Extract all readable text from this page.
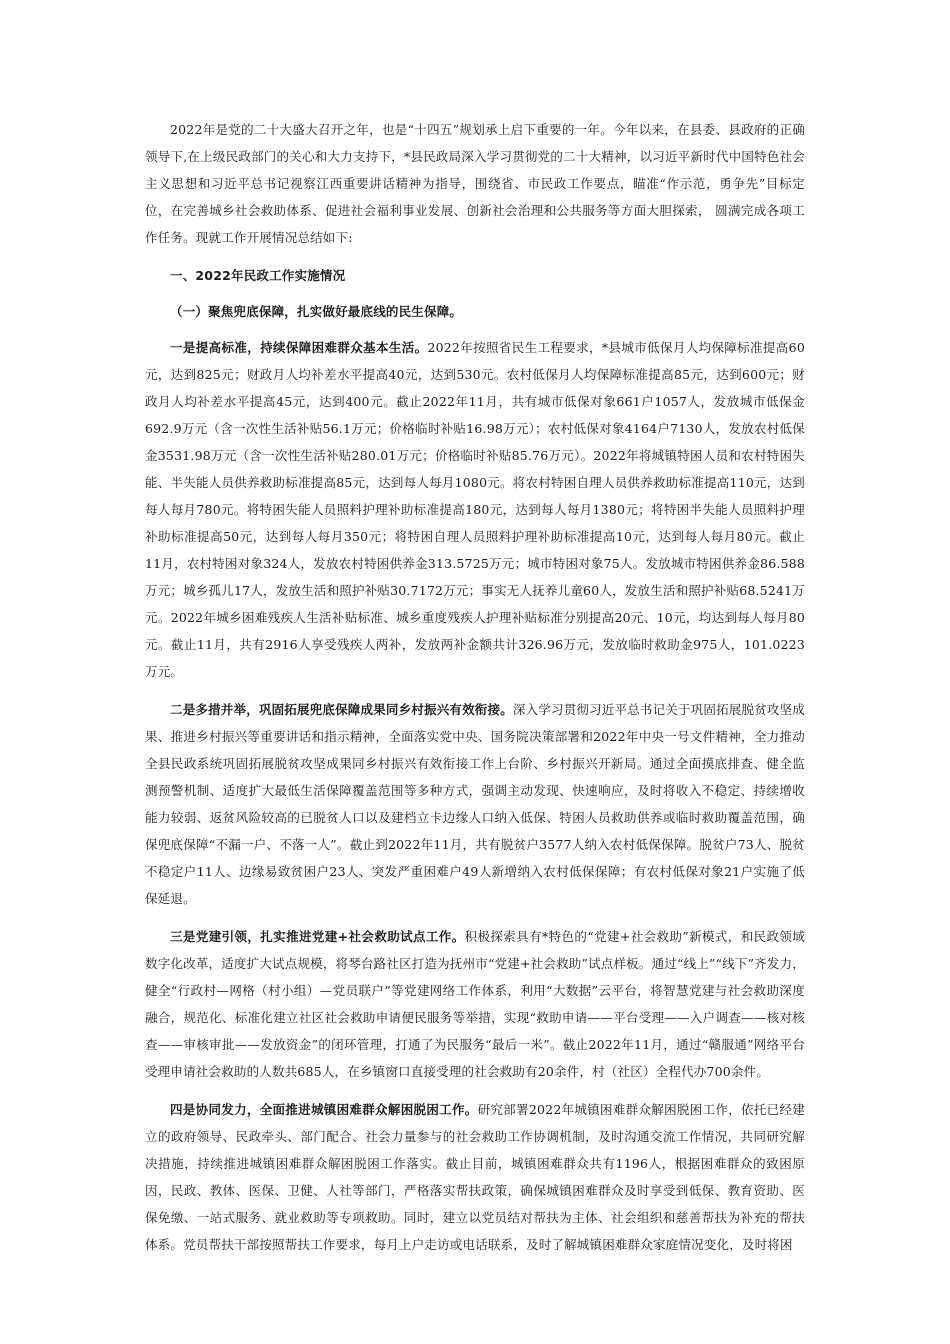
2022年是党的二十大盛大召开之年，也是“十四五”规划承上启下重要的一年。今年以来，在县委、县政府的正确领导下,在上级民政部门的关心和大力支持下，*县民政局深入学习贯彻党的二十大精神，以习近平新时代中国特色社会主义思想和习近平总书记视察江西重要讲话精神为指导，围绕省、市民政工作要点，瞄准“作示范，勇争先”目标定位，在完善城乡社会救助体系、促进社会福利事业发展、创新社会治理和公共服务等方面大胆探索， 圆满完成各项工作任务。现就工作开展情况总结如下:

一、2022年民政工作实施情况

（一）聚焦兜底保障，扎实做好最底线的民生保障。

一是提高标准，持续保障困难群众基本生活。2022年按照省民生工程要求，*县城市低保月人均保障标准提高60元，达到825元；财政月人均补差水平提高40元，达到530元。农村低保月人均保障标准提高85元，达到600元；财政月人均补差水平提高45元，达到400元。截止2022年11月，共有城市低保对象661户1057人，发放城市低保金692.9万元（含一次性生活补贴56.1万元；价格临时补贴16.98万元）；农村低保对象4164户7130人，发放农村低保金3531.98万元（含一次性生活补贴280.01万元；价格临时补贴85.76万元）。2022年将城镇特困人员和农村特困失能、半失能人员供养救助标准提高85元，达到每人每月1080元。将农村特困自理人员供养救助标准提高110元，达到每人每月780元。将特困失能人员照料护理补助标准提高180元，达到每人每月1380元；将特困半失能人员照料护理补助标准提高50元，达到每人每月350元；将特困自理人员照料护理补助标准提高10元，达到每人每月80元。截止11月，农村特困对象324人，发放农村特困供养金313.5725万元；城市特困对象75人。发放城市特困供养金86.588万元；城乡孤儿17人，发放生活和照护补贴30.7172万元；事实无人抚养儿童60人，发放生活和照护补贴68.5241万元。2022年城乡困难残疾人生活补贴标准、城乡重度残疾人护理补贴标准分别提高20元、10元，均达到每人每月80元。截止11月，共有2916人享受残疾人两补，发放两补金额共计326.96万元，发放临时救助金975人，101.0223万元。

二是多措并举，巩固拓展兜底保障成果同乡村振兴有效衔接。深入学习贯彻习近平总书记关于巩固拓展脱贫攻坚成果、推进乡村振兴等重要讲话和指示精神，全面落实党中央、国务院决策部署和2022年中央一号文件精神，全力推动全县民政系统巩固拓展脱贫攻坚成果同乡村振兴有效衔接工作上台阶、乡村振兴开新局。通过全面摸底排查、健全监测预警机制、适度扩大最低生活保障覆盖范围等多种方式，强调主动发现、快速响应，及时将收入不稳定、持续增收能力较弱、返贫风险较高的已脱贫人口以及建档立卡边缘人口纳入低保、特困人员救助供养或临时救助覆盖范围，确保兜底保障“不漏一户、不落一人”。截止到2022年11月，共有脱贫户3577人纳入农村低保保障。脱贫户73人、脱贫不稳定户11人、边缘易致贫困户23人、突发严重困难户49人新增纳入农村低保保障；有农村低保对象21户实施了低保延退。

三是党建引领，扎实推进党建+社会救助试点工作。积极探索具有*特色的“党建+社会救助”新模式，和民政领域数字化改革，适度扩大试点规模，将琴台路社区打造为抚州市“党建+社会救助”试点样板。通过“线上”“线下”齐发力，健全“行政村—网格（村小组）—党员联户”等党建网络工作体系，利用“大数据”云平台，将智慧党建与社会救助深度融合，规范化、标准化建立社区社会救助申请便民服务等举措，实现“救助申请——平台受理——入户调查——核对核查——审核审批——发放资金”的闭环管理，打通了为民服务“最后一米”。截止2022年11月，通过“赣服通”网络平台受理申请社会救助的人数共685人，在乡镇窗口直接受理的社会救助有20余件，村（社区）全程代办700余件。

四是协同发力，全面推进城镇困难群众解困脱困工作。研究部署2022年城镇困难群众解困脱困工作，依托已经建立的政府领导、民政牵头、部门配合、社会力量参与的社会救助工作协调机制，及时沟通交流工作情况，共同研究解决措施，持续推进城镇困难群众解困脱困工作落实。截止目前，城镇困难群众共有1196人，根据困难群众的致困原因，民政、教体、医保、卫健、人社等部门，严格落实帮扶政策，确保城镇困难群众及时享受到低保、教育资助、医保免缴、一站式服务、就业救助等专项救助。同时，建立以党员结对帮扶为主体、社会组织和慈善帮扶为补充的帮扶体系。党员帮扶干部按照帮扶工作要求，每月上户走访或电话联系，及时了解城镇困难群众家庭情况变化，及时将困
